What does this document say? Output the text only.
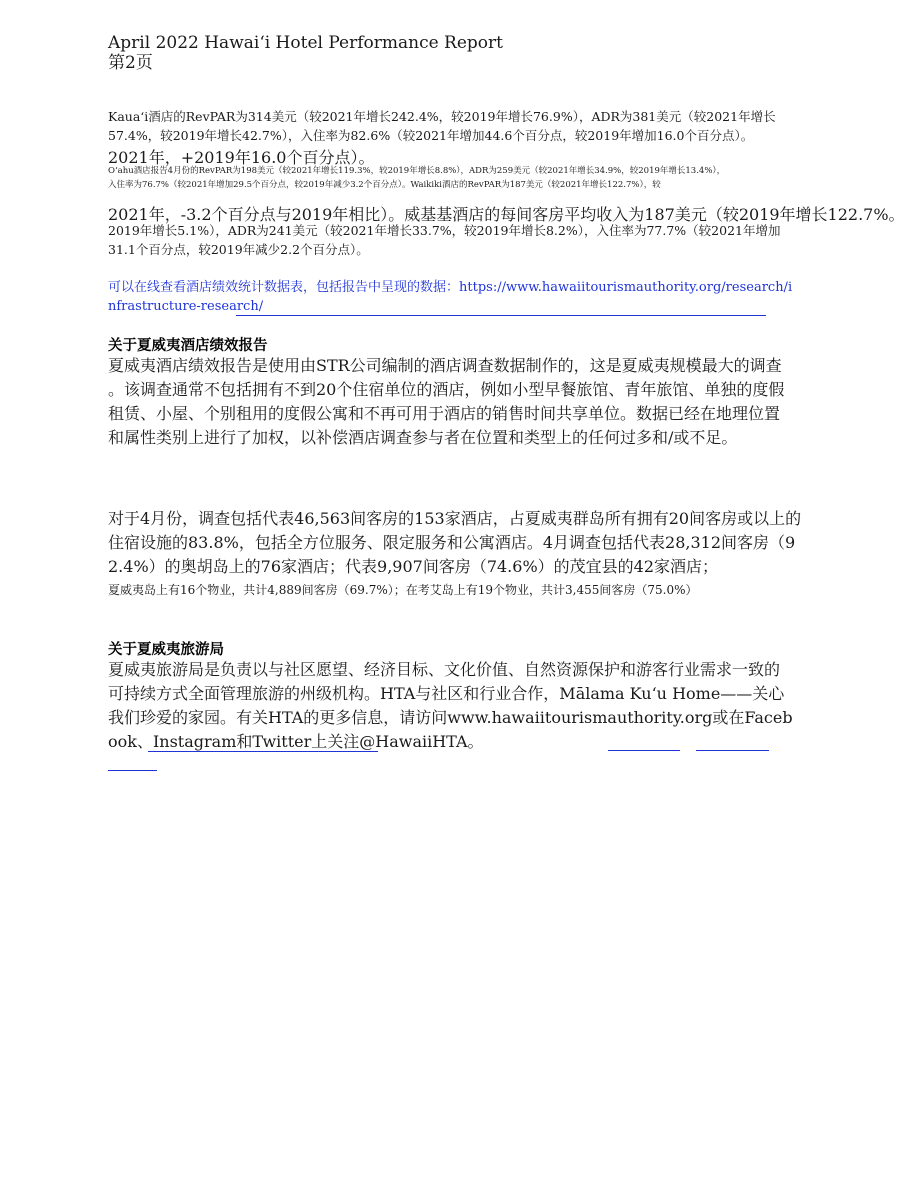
April 2022 Hawai‘i Hotel Performance Report
第2页
Kaua‘i酒店的RevPAR为314美元（较2021年增长242.4%，较2019年增长76.9%），ADR为381美元（较2021年增长
57.4%，较2019年增长42.7%），入住率为82.6%（较2021年增加44.6个百分点，较2019年增加16.0个百分点）。
2021年，+2019年16.0个百分点）。
O‘ahu酒店报告4月份的RevPAR为198美元（较2021年增长119.3%，较2019年增长8.8%），ADR为259美元（较2021年增长34.9%，较2019年增长13.4%），
入住率为76.7%（较2021年增加29.5个百分点，较2019年减少3.2个百分点）。Waikiki酒店的RevPAR为187美元（较2021年增长122.7%），较
2021年，-3.2个百分点与2019年相比）。威基基酒店的每间客房平均收入为187美元（较2019年增长122.7%。
2019年增长5.1%），ADR为241美元（较2021年增长33.7%，较2019年增长8.2%），入住率为77.7%（较2021年增加
31.1个百分点，较2019年减少2.2个百分点）。
可以在线查看酒店绩效统计数据表，包括报告中呈现的数据：https://www.hawaiitourismauthority.org/research/i
nfrastructure-research/
关于夏威夷酒店绩效报告
夏威夷酒店绩效报告是使用由STR公司编制的酒店调查数据制作的，这是夏威夷规模最大的调查
。该调查通常不包括拥有不到20个住宿单位的酒店，例如小型早餐旅馆、青年旅馆、单独的度假
租赁、小屋、个别租用的度假公寓和不再可用于酒店的销售时间共享单位。数据已经在地理位置
和属性类别上进行了加权，以补偿酒店调查参与者在位置和类型上的任何过多和/或不足。
对于4月份，调查包括代表46,563间客房的153家酒店，占夏威夷群岛所有拥有20间客房或以上的
住宿设施的83.8%，包括全方位服务、限定服务和公寓酒店。4月调查包括代表28,312间客房（9
2.4%）的奥胡岛上的76家酒店；代表9,907间客房（74.6%）的茂宜县的42家酒店；
夏威夷岛上有16个物业，共计4,889间客房（69.7%）；在考艾岛上有19个物业，共计3,455间客房（75.0%）
关于夏威夷旅游局
夏威夷旅游局是负责以与社区愿望、经济目标、文化价值、自然资源保护和游客行业需求一致的
可持续方式全面管理旅游的州级机构。HTA与社区和行业合作，Mālama Ku‘u Home——关心
我们珍爱的家园。有关HTA的更多信息，请访问www.hawaiitourismauthority.org或在Faceb
ook、Instagram和Twitter上关注@HawaiiHTA。
